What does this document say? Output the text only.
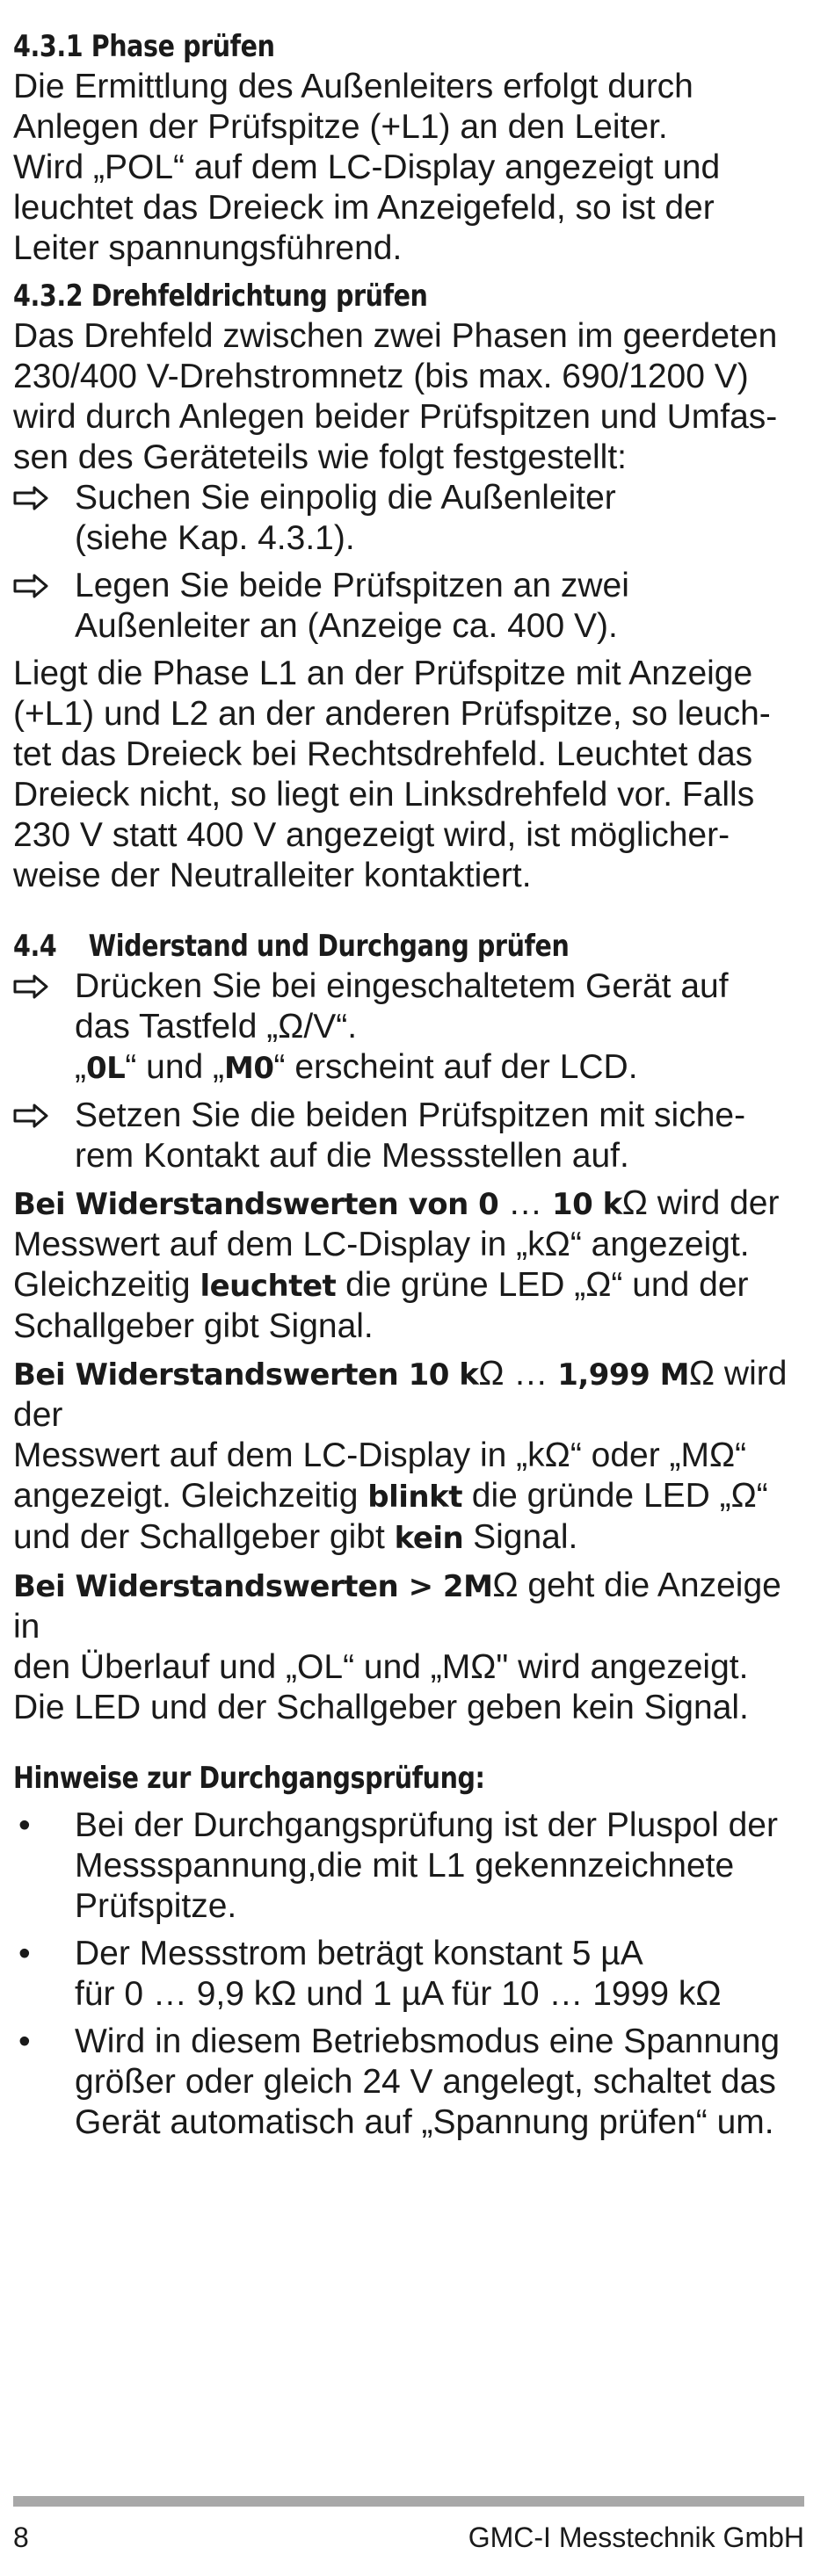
4.3.1 Phase prüfen
Die Ermittlung des Außenleiters erfolgt durch
Anlegen der Prüfspitze (+L1) an den Leiter.
Wird „POL“ auf dem LC-Display angezeigt und
leuchtet das Dreieck im Anzeigefeld, so ist der
Leiter spannungsführend.
4.3.2 Drehfeldrichtung prüfen
Das Drehfeld zwischen zwei Phasen im geerdeten
230/400 V-Drehstromnetz (bis max. 690/1200 V)
wird durch Anlegen beider Prüfspitzen und Umfas-
sen des Geräteteils wie folgt festgestellt:
Suchen Sie einpolig die Außenleiter
(siehe Kap. 4.3.1).
Legen Sie beide Prüfspitzen an zwei
Außenleiter an (Anzeige ca. 400 V).
Liegt die Phase L1 an der Prüfspitze mit Anzeige
(+L1) und L2 an der anderen Prüfspitze, so leuch-
tet das Dreieck bei Rechtsdrehfeld. Leuchtet das
Dreieck nicht, so liegt ein Linksdrehfeld vor. Falls
230 V statt 400 V angezeigt wird, ist möglicher-
weise der Neutralleiter kontaktiert.
4.4 Widerstand und Durchgang prüfen
Drücken Sie bei eingeschaltetem Gerät auf
das Tastfeld „Ω/V“.
„0L“ und „M0“ erscheint auf der LCD.
Setzen Sie die beiden Prüfspitzen mit siche-
rem Kontakt auf die Messstellen auf.
Bei Widerstandswerten von 0 … 10 kΩ wird der
Messwert auf dem LC-Display in „kΩ“ angezeigt.
Gleichzeitig leuchtet die grüne LED „Ω“ und der
Schallgeber gibt Signal.
Bei Widerstandswerten 10 kΩ … 1,999 MΩ wird der
Messwert auf dem LC-Display in „kΩ“ oder „MΩ“
angezeigt. Gleichzeitig blinkt die gründe LED „Ω“
und der Schallgeber gibt kein Signal.
Bei Widerstandswerten > 2MΩ geht die Anzeige in
den Überlauf und „OL“ und „MΩ" wird angezeigt.
Die LED und der Schallgeber geben kein Signal.
Hinweise zur Durchgangsprüfung:
• Bei der Durchgangsprüfung ist der Pluspol der
Messspannung,die mit L1 gekennzeichnete
Prüfspitze.
• Der Messstrom beträgt konstant 5 µA
für 0 … 9,9 kΩ und 1 µA für 10 … 1999 kΩ
• Wird in diesem Betriebsmodus eine Spannung
größer oder gleich 24 V angelegt, schaltet das
Gerät automatisch auf „Spannung prüfen“ um.
8	GMC-I Messtechnik GmbH
